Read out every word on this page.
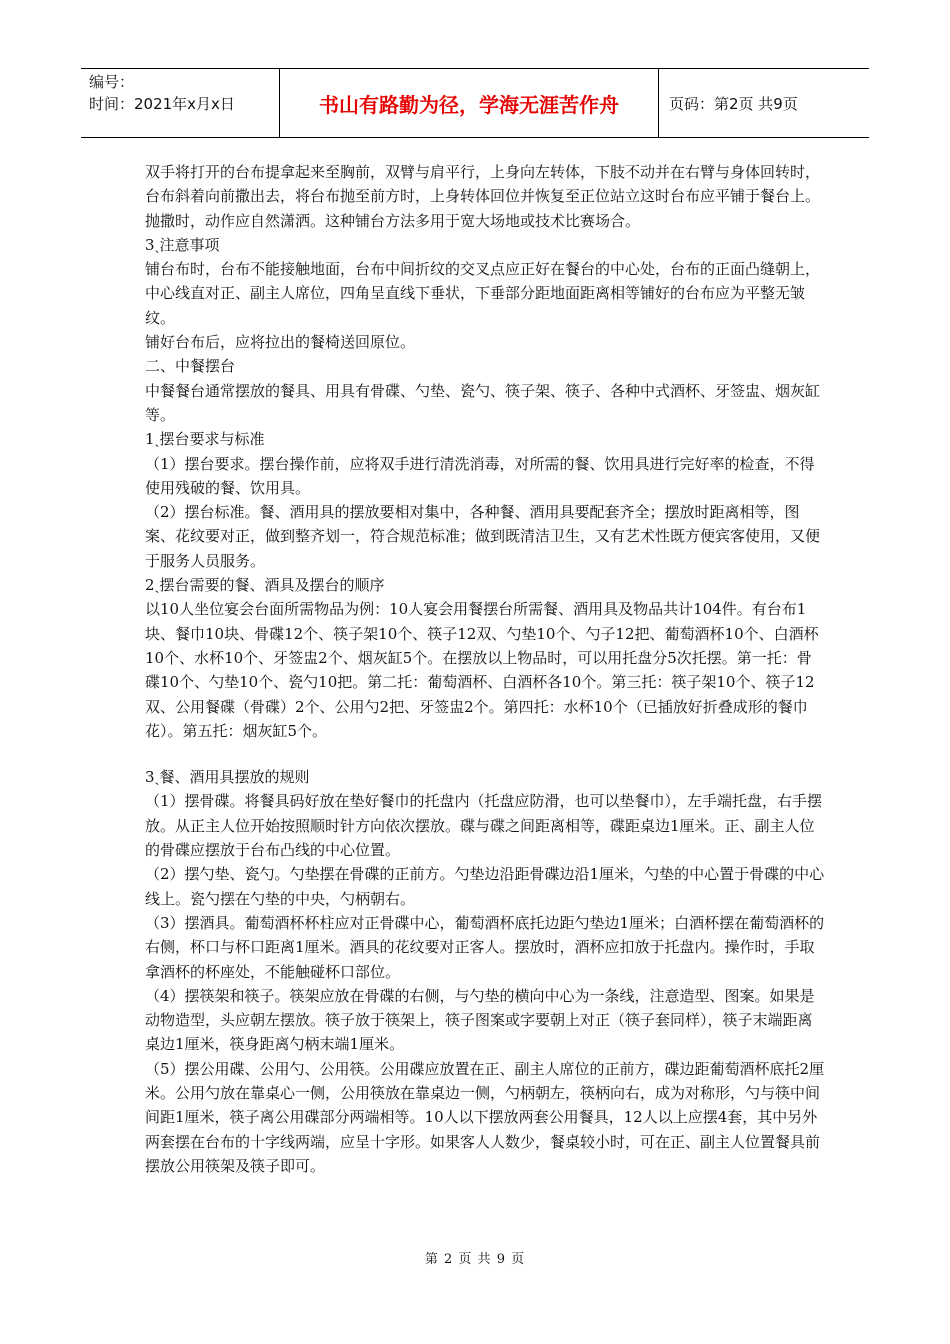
编号：
时间：2021年x月x日	书山有路勤为径，学海无涯苦作舟	页码：第2页 共9页

双手将打开的台布提拿起来至胸前，双臂与肩平行，上身向左转体，下肢不动并在右臂与身体回转时，台布斜着向前撒出去，将台布抛至前方时，上身转体回位并恢复至正位站立这时台布应平铺于餐台上。抛撒时，动作应自然潇洒。这种铺台方法多用于宽大场地或技术比赛场合。

3ˎ注意事项

铺台布时，台布不能接触地面，台布中间折纹的交叉点应正好在餐台的中心处，台布的正面凸缝朝上，中心线直对正、副主人席位，四角呈直线下垂状，下垂部分距地面距离相等铺好的台布应为平整无皱纹。

铺好台布后，应将拉出的餐椅送回原位。

二、中餐摆台

中餐餐台通常摆放的餐具、用具有骨碟、勺垫、瓷勺、筷子架、筷子、各种中式酒杯、牙签盅、烟灰缸等。

1ˎ摆台要求与标准

（1）摆台要求。摆台操作前，应将双手进行清洗消毒，对所需的餐、饮用具进行完好率的检查，不得使用残破的餐、饮用具。

（2）摆台标准。餐、酒用具的摆放要相对集中，各种餐、酒用具要配套齐全；摆放时距离相等，图案、花纹要对正，做到整齐划一，符合规范标准；做到既清洁卫生，又有艺术性既方便宾客使用，又便于服务人员服务。

2ˎ摆台需要的餐、酒具及摆台的顺序

以10人坐位宴会台面所需物品为例：10人宴会用餐摆台所需餐、酒用具及物品共计104件。有台布1块、餐巾10块、骨碟12个、筷子架10个、筷子12双、勺垫10个、勺子12把、葡萄酒杯10个、白酒杯10个、水杯10个、牙签盅2个、烟灰缸5个。在摆放以上物品时，可以用托盘分5次托摆。第一托：骨碟10个、勺垫10个、瓷勺10把。第二托：葡萄酒杯、白酒杯各10个。第三托：筷子架10个、筷子12双、公用餐碟（骨碟）2个、公用勺2把、牙签盅2个。第四托：水杯10个（已插放好折叠成形的餐巾花）。第五托：烟灰缸5个。

3ˎ餐、酒用具摆放的规则

（1）摆骨碟。将餐具码好放在垫好餐巾的托盘内（托盘应防滑，也可以垫餐巾），左手端托盘，右手摆放。从正主人位开始按照顺时针方向依次摆放。碟与碟之间距离相等，碟距桌边1厘米。正、副主人位的骨碟应摆放于台布凸线的中心位置。

（2）摆勺垫、瓷勺。勺垫摆在骨碟的正前方。勺垫边沿距骨碟边沿1厘米，勺垫的中心置于骨碟的中心线上。瓷勺摆在勺垫的中央，勺柄朝右。

（3）摆酒具。葡萄酒杯杯柱应对正骨碟中心，葡萄酒杯底托边距勺垫边1厘米；白酒杯摆在葡萄酒杯的右侧，杯口与杯口距离1厘米。酒具的花纹要对正客人。摆放时，酒杯应扣放于托盘内。操作时，手取拿酒杯的杯座处，不能触碰杯口部位。

（4）摆筷架和筷子。筷架应放在骨碟的右侧，与勺垫的横向中心为一条线，注意造型、图案。如果是动物造型，头应朝左摆放。筷子放于筷架上，筷子图案或字要朝上对正（筷子套同样），筷子末端距离桌边1厘米，筷身距离勺柄末端1厘米。

（5）摆公用碟、公用勺、公用筷。公用碟应放置在正、副主人席位的正前方，碟边距葡萄酒杯底托2厘米。公用勺放在靠桌心一侧，公用筷放在靠桌边一侧，勺柄朝左，筷柄向右，成为对称形，勺与筷中间间距1厘米，筷子离公用碟部分两端相等。10人以下摆放两套公用餐具，12人以上应摆4套，其中另外两套摆在台布的十字线两端，应呈十字形。如果客人人数少，餐桌较小时，可在正、副主人位置餐具前摆放公用筷架及筷子即可。

第 2 页 共 9 页
